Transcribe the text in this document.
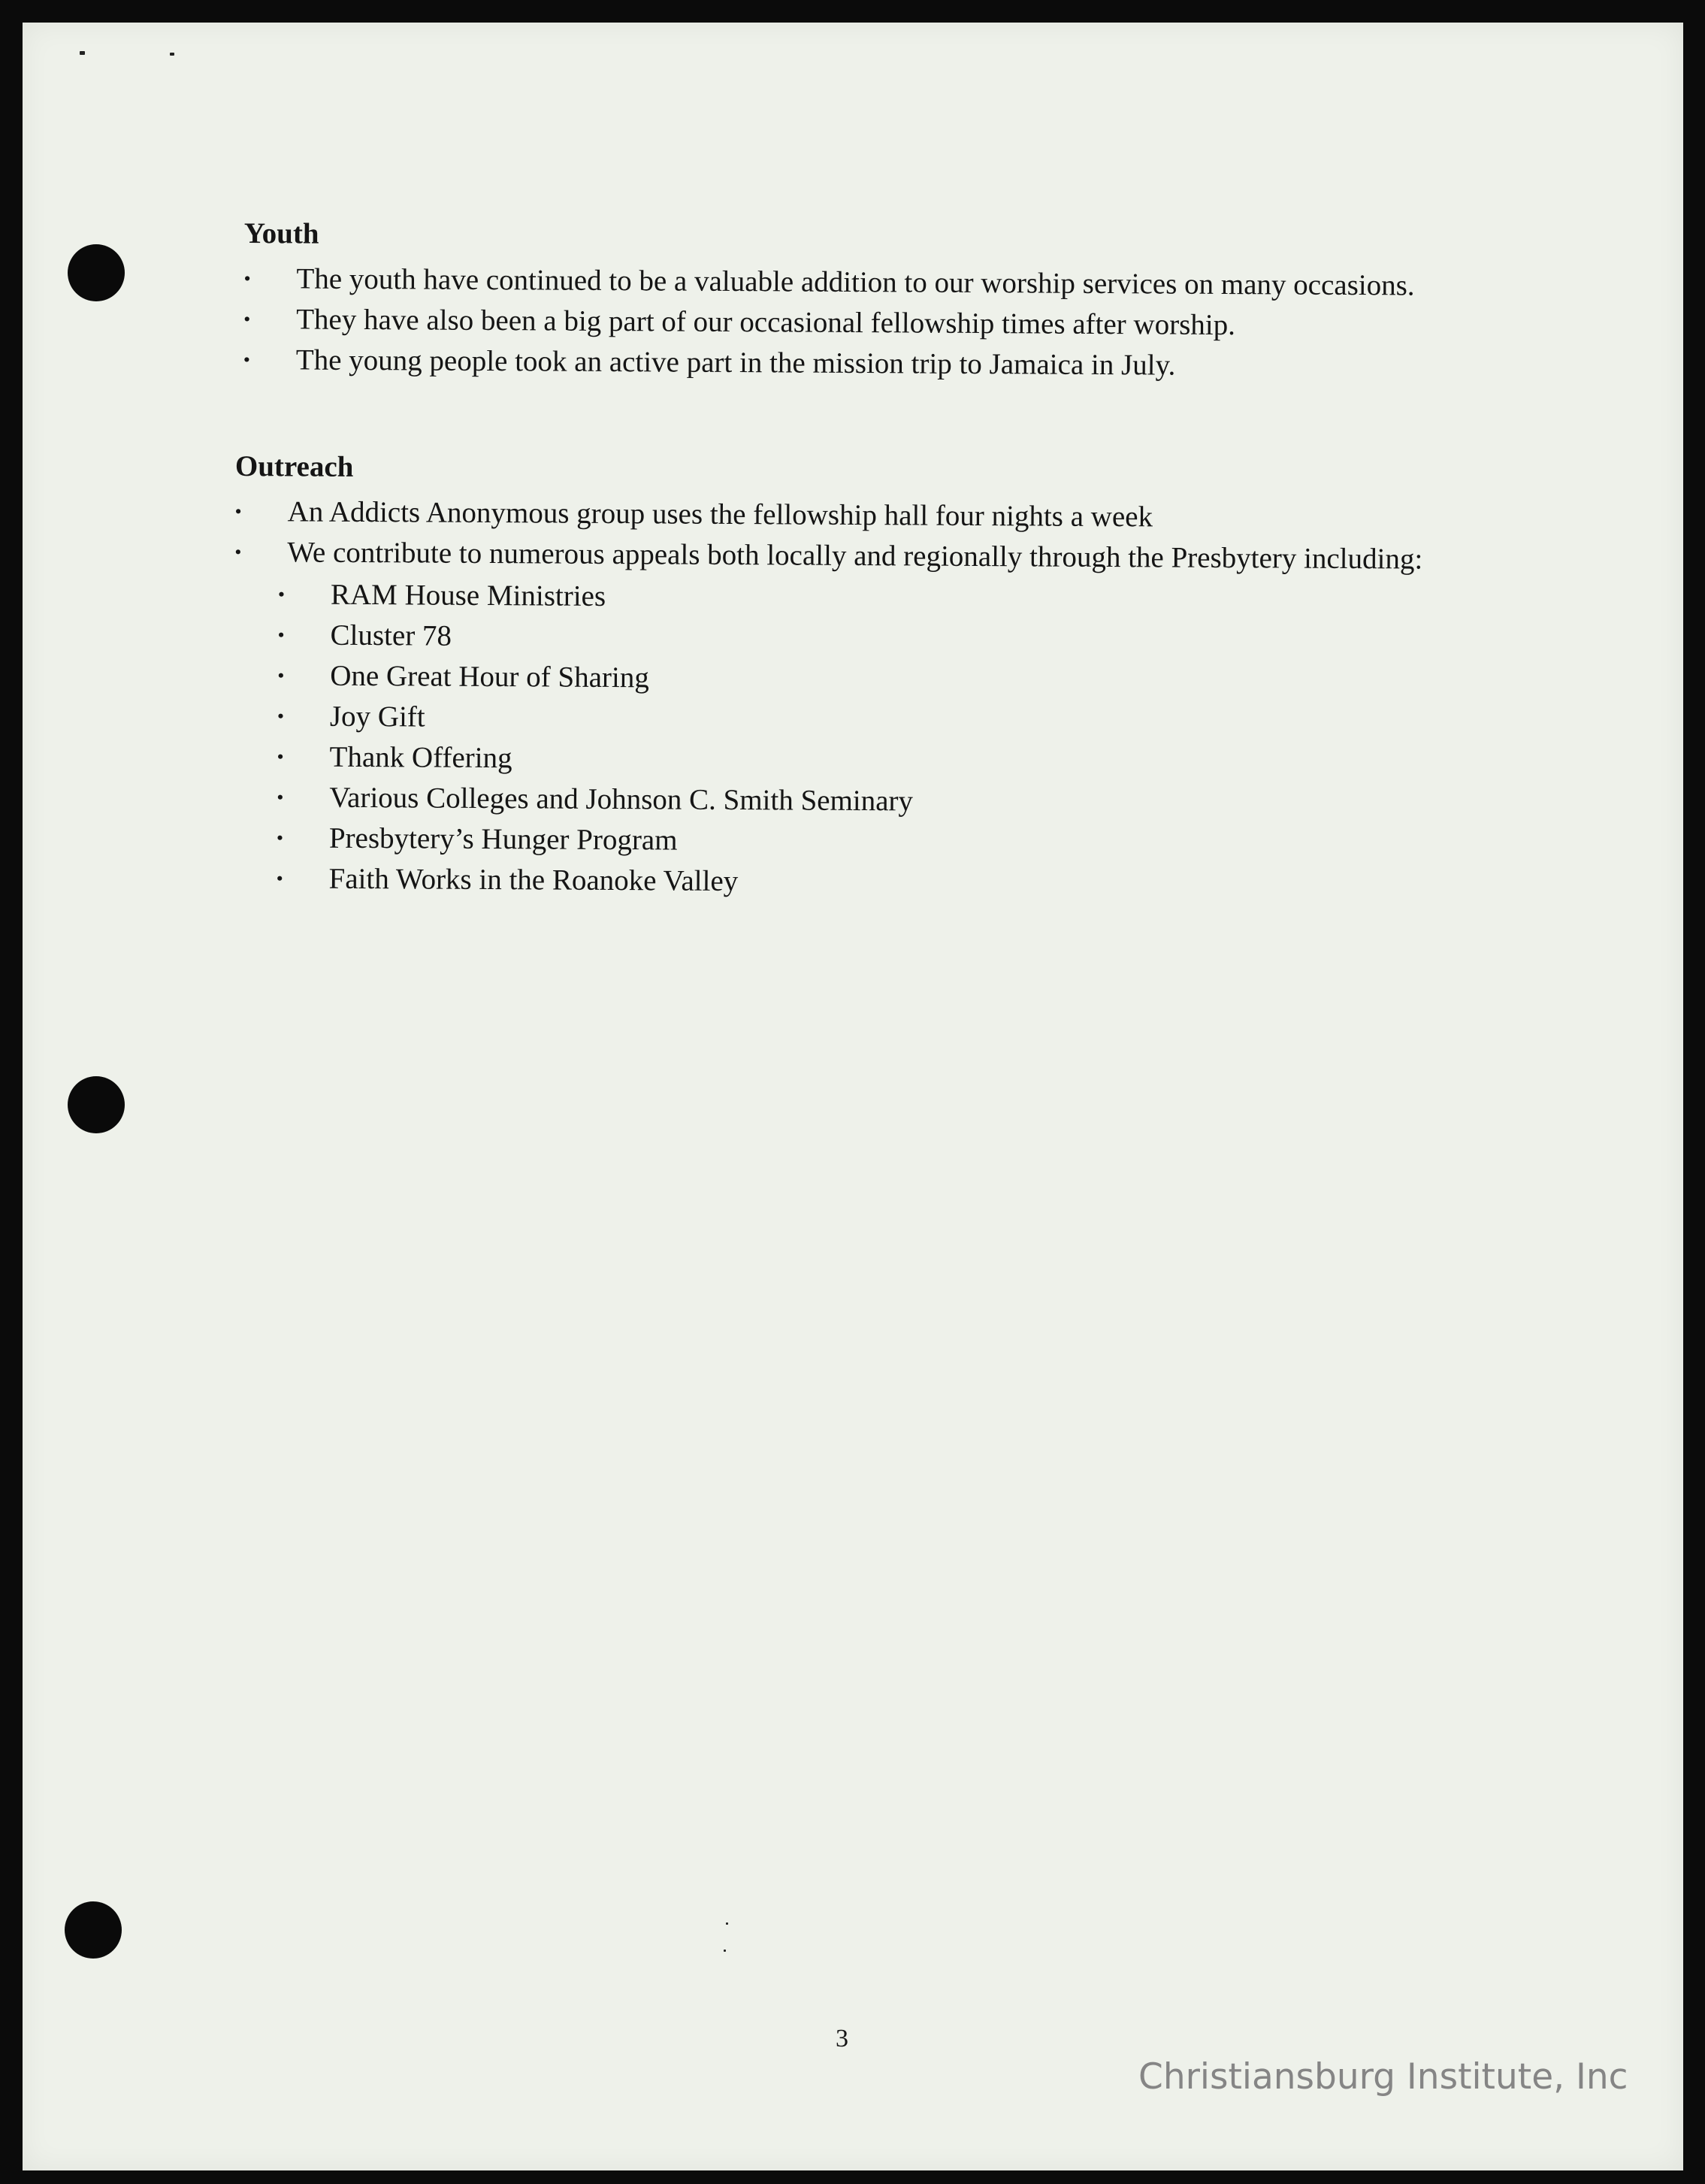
Youth
• The youth have continued to be a valuable addition to our worship services on many occasions.
• They have also been a big part of our occasional fellowship times after worship.
• The young people took an active part in the mission trip to Jamaica in July.
Outreach
• An Addicts Anonymous group uses the fellowship hall four nights a week
• We contribute to numerous appeals both locally and regionally through the Presbytery including:
• RAM House Ministries
• Cluster 78
• One Great Hour of Sharing
• Joy Gift
• Thank Offering
• Various Colleges and Johnson C. Smith Seminary
• Presbytery’s Hunger Program
• Faith Works in the Roanoke Valley
3
Christiansburg Institute, Inc
